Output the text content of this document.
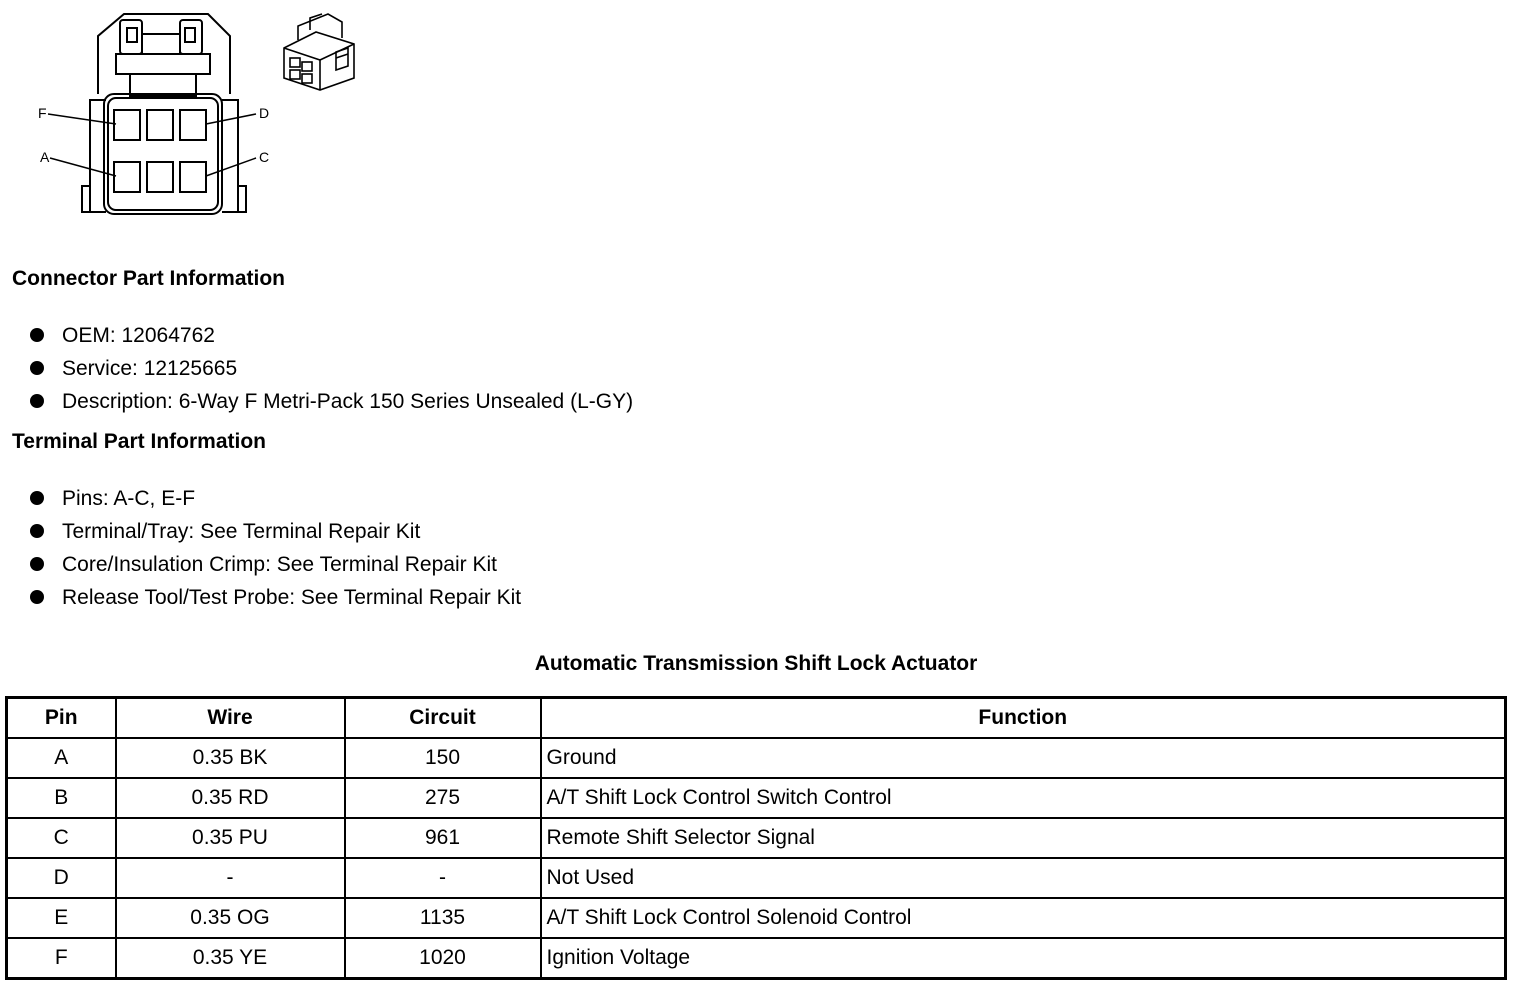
F	D
A	C
Connector Part Information
OEM: 12064762
Service: 12125665
Description: 6-Way F Metri-Pack 150 Series Unsealed (L-GY)
Terminal Part Information
Pins: A-C, E-F
Terminal/Tray: See Terminal Repair Kit
Core/Insulation Crimp: See Terminal Repair Kit
Release Tool/Test Probe: See Terminal Repair Kit
Automatic Transmission Shift Lock Actuator
Pin	Wire	Circuit	Function
A	0.35 BK	150	Ground
B	0.35 RD	275	A/T Shift Lock Control Switch Control
C	0.35 PU	961	Remote Shift Selector Signal
D	-	-	Not Used
E	0.35 OG	1135	A/T Shift Lock Control Solenoid Control
F	0.35 YE	1020	Ignition Voltage
